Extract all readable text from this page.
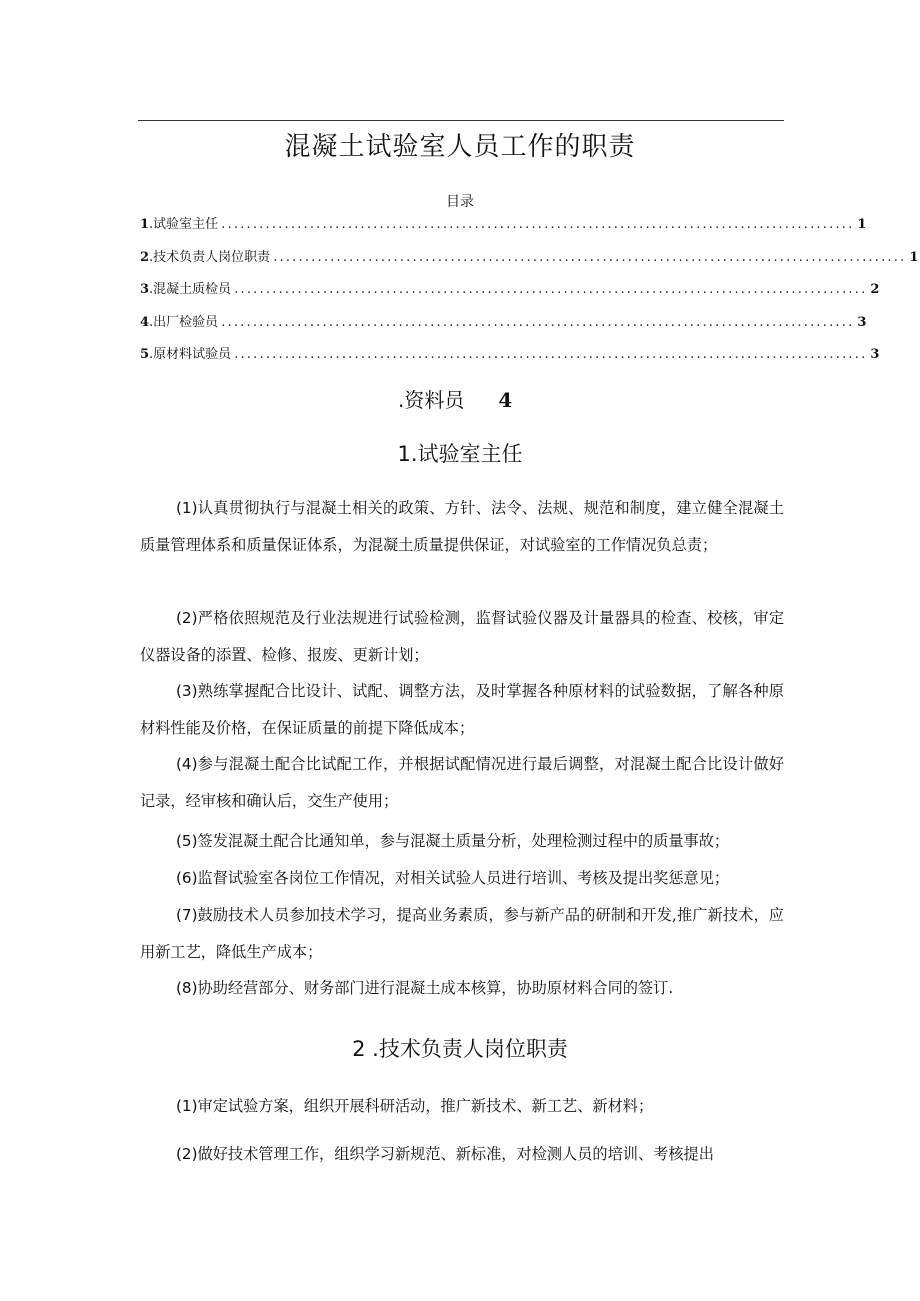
混凝土试验室人员工作的职责
目录
1 .试验室主任 .................................................................................................... 1
2 .技术负责人岗位职责 .................................................................................................... 1
3 .混凝土质检员 .................................................................................................... 2
4 .出厂检验员 .................................................................................................... 3
5 .原材料试验员 .................................................................................................... 3
.资料员 4
1.试验室主任
(1)认真贯彻执行与混凝土相关的政策、方针、法令、法规、规范和制度，建立健全混凝土质量管理体系和质量保证体系，为混凝土质量提供保证，对试验室的工作情况负总责；
(2)严格依照规范及行业法规进行试验检测，监督试验仪器及计量器具的检查、校核，审定仪器设备的添置、检修、报废、更新计划；
(3)熟练掌握配合比设计、试配、调整方法，及时掌握各种原材料的试验数据，了解各种原材料性能及价格，在保证质量的前提下降低成本；
(4)参与混凝土配合比试配工作，并根据试配情况进行最后调整，对混凝土配合比设计做好记录，经审核和确认后，交生产使用；
(5)签发混凝土配合比通知单，参与混凝土质量分析，处理检测过程中的质量事故；
(6)监督试验室各岗位工作情况，对相关试验人员进行培训、考核及提出奖惩意见；
(7)鼓励技术人员参加技术学习，提高业务素质，参与新产品的研制和开发,推广新技术，应用新工艺，降低生产成本；
(8)协助经营部分、财务部门进行混凝土成本核算，协助原材料合同的签订.
2 .技术负责人岗位职责
(1)审定试验方案，组织开展科研活动，推广新技术、新工艺、新材料；
(2)做好技术管理工作，组织学习新规范、新标准，对检测人员的培训、考核提出
